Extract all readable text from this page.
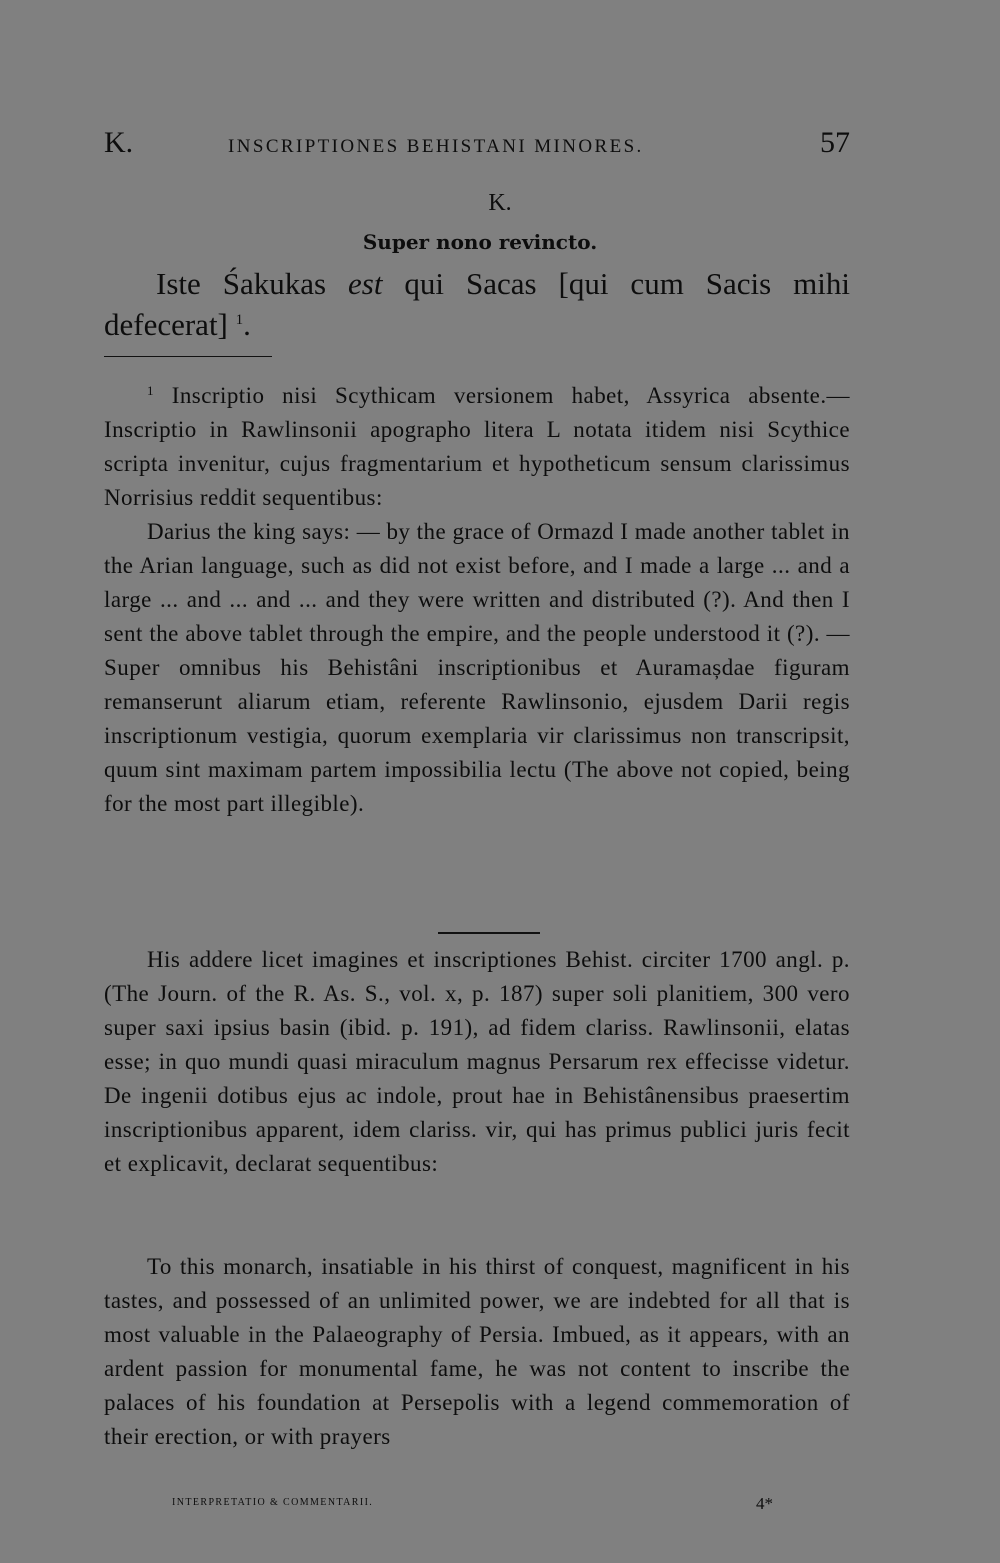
K.	INSCRIPTIONES BEHISTANI MINORES.	57
K.
Super nono revincto.
Iste Śakukas est qui Sacas [qui cum Sacis mihi defecerat] $^1$.

$^1$ Inscriptio nisi Scythicam versionem habet, Assyrica absente.—Inscriptio in Rawlinsonii apographo litera L notata itidem nisi Scythice scripta invenitur, cujus fragmentarium et hypotheticum sensum clarissimus Norrisius reddit sequentibus:

Darius the king says: — by the grace of Ormazd I made another tablet in the Arian language, such as did not exist before, and I made a large ... and a large ... and ... and ... and they were written and distributed (?). And then I sent the above tablet through the empire, and the people understood it (?). —Super omnibus his Behistâni inscriptionibus et Auramașdae figuram remanserunt aliarum etiam, referente Rawlinsonio, ejusdem Darii regis inscriptionum vestigia, quorum exemplaria vir clarissimus non transcripsit, quum sint maximam partem impossibilia lectu (The above not copied, being for the most part illegible).

His addere licet imagines et inscriptiones Behist. circiter 1700 angl. p. (The Journ. of the R. As. S., vol. x, p. 187) super soli planitiem, 300 vero super saxi ipsius basin (ibid. p. 191), ad fidem clariss. Rawlinsonii, elatas esse; in quo mundi quasi miraculum magnus Persarum rex effecisse videtur. De ingenii dotibus ejus ac indole, prout hae in Behistânensibus praesertim inscriptionibus apparent, idem clariss. vir, qui has primus publici juris fecit et explicavit, declarat sequentibus:

To this monarch, insatiable in his thirst of conquest, magnificent in his tastes, and possessed of an unlimited power, we are indebted for all that is most valuable in the Palaeography of Persia. Imbued, as it appears, with an ardent passion for monumental fame, he was not content to inscribe the palaces of his foundation at Persepolis with a legend commemoration of their erection, or with prayers

INTERPRETATIO & COMMENTARII.	4*
